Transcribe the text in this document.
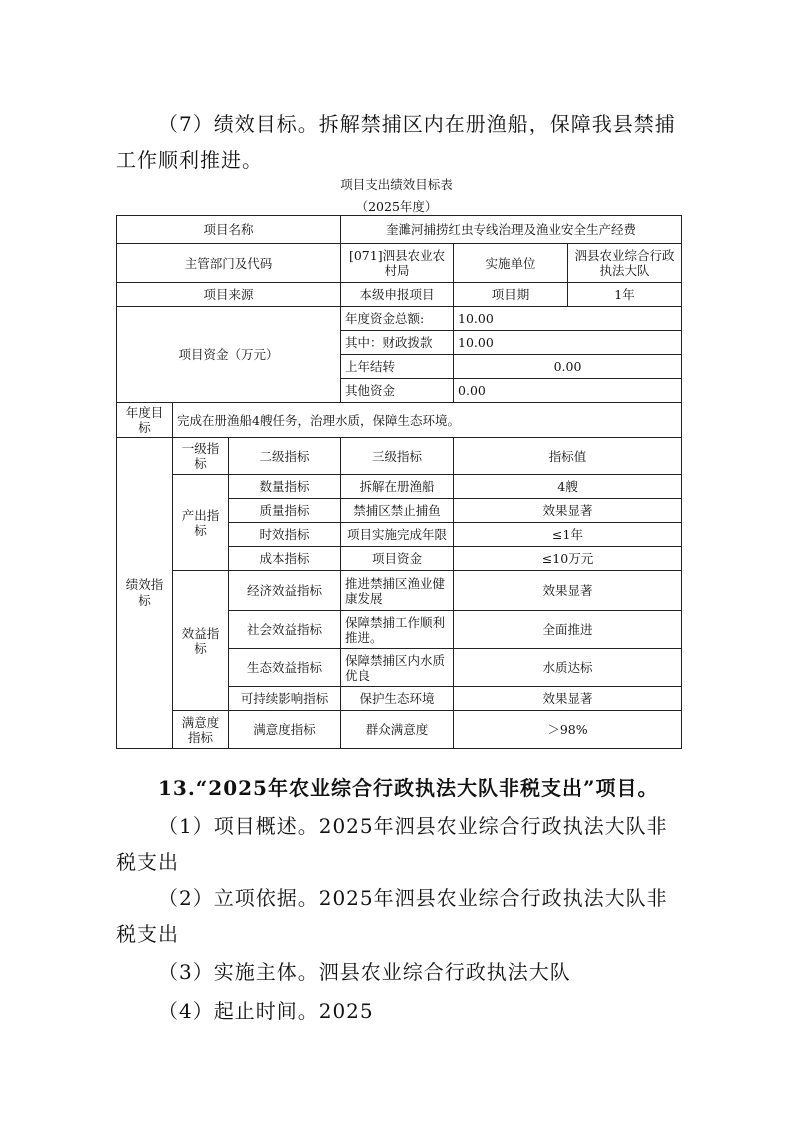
（7）绩效目标。拆解禁捕区内在册渔船，保障我县禁捕工作顺利推进。

项目支出绩效目标表

（2025年度）

项目名称			奎濉河捕捞红虫专线治理及渔业安全生产经费		
主管部门及代码			[071]泗县农业农村局	实施单位	泗县农业综合行政执法大队
项目来源			本级申报项目	项目期	1年
项目资金（万元）			年度资金总额:	10.00	
			其中：财政拨款	10.00	
			上年结转	0.00	
			其他资金	0.00	
年度目标	完成在册渔船4艘任务，治理水质，保障生态环境。				
绩效指标	一级指标	二级指标	三级指标	指标值	
	产出指标	数量指标	拆解在册渔船	4艘	
		质量指标	禁捕区禁止捕鱼	效果显著	
		时效指标	项目实施完成年限	≤1年	
		成本指标	项目资金	≤10万元	
	效益指标	经济效益指标	推进禁捕区渔业健康发展	效果显著	
		社会效益指标	保障禁捕工作顺利推进。	全面推进	
		生态效益指标	保障禁捕区内水质优良	水质达标	
		可持续影响指标	保护生态环境	效果显著	
	满意度指标	满意度指标	群众满意度	＞98%	

13.“2025年农业综合行政执法大队非税支出”项目。

（1）项目概述。2025年泗县农业综合行政执法大队非税支出

（2）立项依据。2025年泗县农业综合行政执法大队非税支出

（3）实施主体。泗县农业综合行政执法大队

（4）起止时间。2025
